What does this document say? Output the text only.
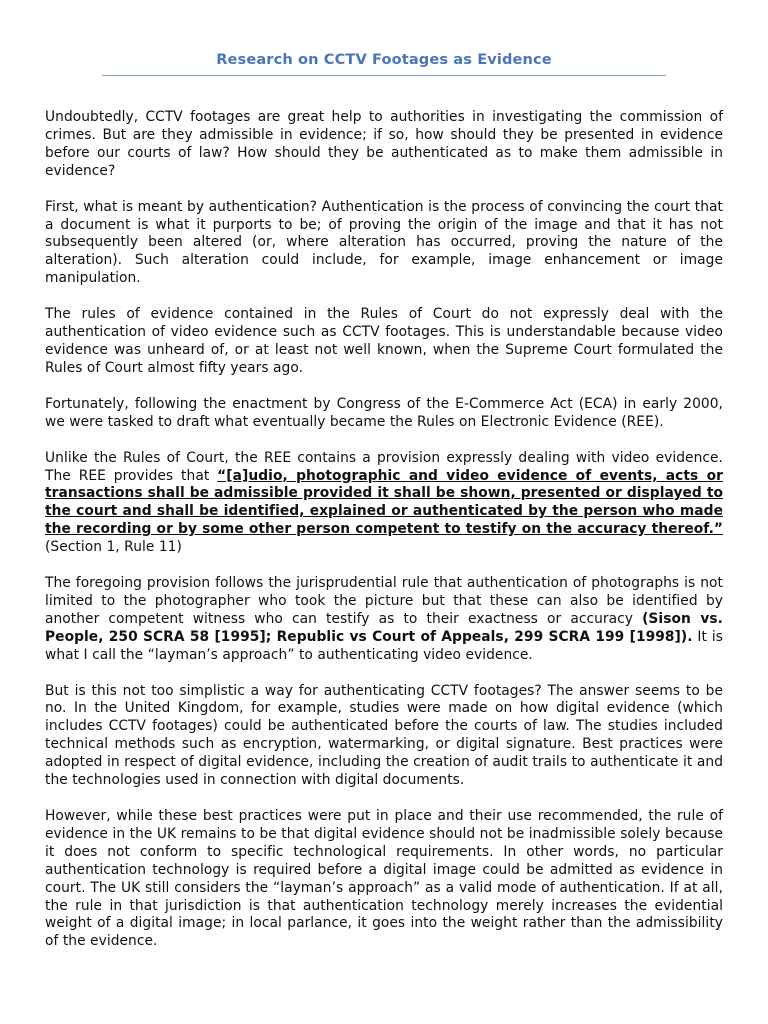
Research on CCTV Footages as Evidence

Undoubtedly, CCTV footages are great help to authorities in investigating the commission of crimes. But are they admissible in evidence; if so, how should they be presented in evidence before our courts of law? How should they be authenticated as to make them admissible in evidence?

First, what is meant by authentication? Authentication is the process of convincing the court that a document is what it purports to be; of proving the origin of the image and that it has not subsequently been altered (or, where alteration has occurred, proving the nature of the alteration). Such alteration could include, for example, image enhancement or image manipulation.

The rules of evidence contained in the Rules of Court do not expressly deal with the authentication of video evidence such as CCTV footages. This is understandable because video evidence was unheard of, or at least not well known, when the Supreme Court formulated the Rules of Court almost fifty years ago.

Fortunately, following the enactment by Congress of the E-Commerce Act (ECA) in early 2000, we were tasked to draft what eventually became the Rules on Electronic Evidence (REE).

Unlike the Rules of Court, the REE contains a provision expressly dealing with video evidence. The REE provides that “[a]udio, photographic and video evidence of events, acts or transactions shall be admissible provided it shall be shown, presented or displayed to the court and shall be identified, explained or authenticated by the person who made the recording or by some other person competent to testify on the accuracy thereof.” (Section 1, Rule 11)

The foregoing provision follows the jurisprudential rule that authentication of photographs is not limited to the photographer who took the picture but that these can also be identified by another competent witness who can testify as to their exactness or accuracy (Sison vs. People, 250 SCRA 58 [1995]; Republic vs Court of Appeals, 299 SCRA 199 [1998]). It is what I call the “layman’s approach” to authenticating video evidence.

But is this not too simplistic a way for authenticating CCTV footages? The answer seems to be no. In the United Kingdom, for example, studies were made on how digital evidence (which includes CCTV footages) could be authenticated before the courts of law. The studies included technical methods such as encryption, watermarking, or digital signature. Best practices were adopted in respect of digital evidence, including the creation of audit trails to authenticate it and the technologies used in connection with digital documents.

However, while these best practices were put in place and their use recommended, the rule of evidence in the UK remains to be that digital evidence should not be inadmissible solely because it does not conform to specific technological requirements. In other words, no particular authentication technology is required before a digital image could be admitted as evidence in court. The UK still considers the “layman’s approach” as a valid mode of authentication. If at all, the rule in that jurisdiction is that authentication technology merely increases the evidential weight of a digital image; in local parlance, it goes into the weight rather than the admissibility of the evidence.
